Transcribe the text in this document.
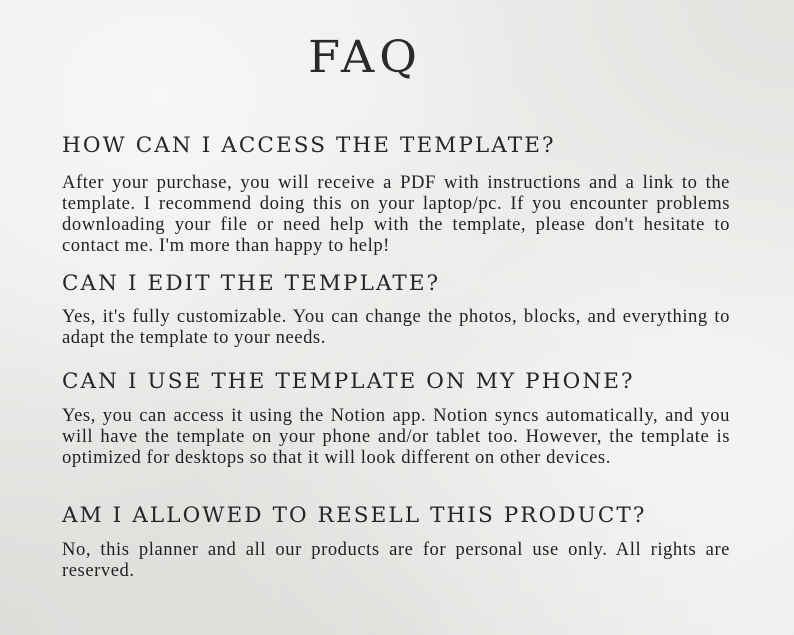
FAQ
HOW CAN I ACCESS THE TEMPLATE?

After your purchase, you will receive a PDF with instructions and a link to the template. I recommend doing this on your laptop/pc. If you encounter problems downloading your file or need help with the template, please don't hesitate to contact me. I'm more than happy to help!

CAN I EDIT THE TEMPLATE?

Yes, it's fully customizable. You can change the photos, blocks, and everything to adapt the template to your needs.

CAN I USE THE TEMPLATE ON MY PHONE?

Yes, you can access it using the Notion app. Notion syncs automatically, and you will have the template on your phone and/or tablet too. However, the template is optimized for desktops so that it will look different on other devices.

AM I ALLOWED TO RESELL THIS PRODUCT?

No, this planner and all our products are for personal use only. All rights are reserved.
